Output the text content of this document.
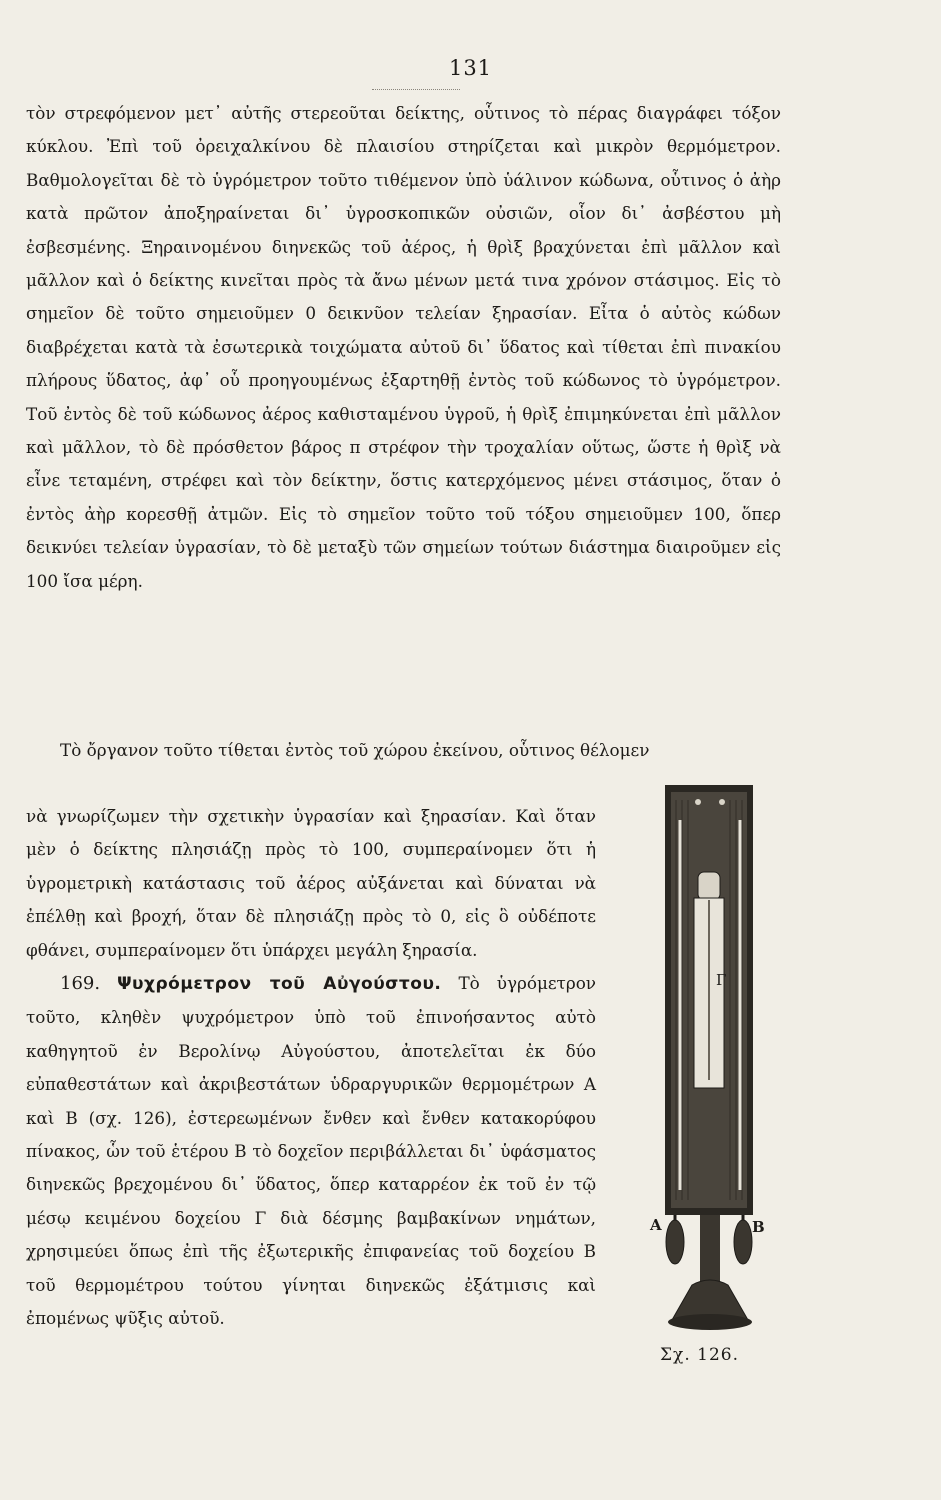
131

τὸν στρεφόμενον μετ᾽ αὐτῆς στερεοῦται δείκτης, οὗτινος τὸ πέρας διαγράφει τόξον κύκλου. Ἐπὶ τοῦ ὀρειχαλκίνου δὲ πλαισίου στηρίζεται καὶ μικρὸν θερμόμετρον. Βαθμολογεῖται δὲ τὸ ὑγρόμετρον τοῦτο τιθέμενον ὑπὸ ὑάλινον κώδωνα, οὗτινος ὁ ἀὴρ κατὰ πρῶτον ἀποξηραίνεται δι᾽ ὑγροσκοπικῶν οὐσιῶν, οἷον δι᾽ ἀσβέστου μὴ ἐσβεσμένης. Ξηραινομένου διηνεκῶς τοῦ ἀέρος, ἡ θρὶξ βραχύνεται ἐπὶ μᾶλλον καὶ μᾶλλον καὶ ὁ δείκτης κινεῖται πρὸς τὰ ἄνω μένων μετά τινα χρόνον στάσιμος. Εἰς τὸ σημεῖον δὲ τοῦτο σημειοῦμεν 0 δεικνῦον τελείαν ξηρασίαν. Εἶτα ὁ αὐτὸς κώδων διαβρέχεται κατὰ τὰ ἐσωτερικὰ τοιχώματα αὐτοῦ δι᾽ ὕδατος καὶ τίθεται ἐπὶ πινακίου πλήρους ὕδατος, ἀφ᾽ οὗ προηγουμένως ἐξαρτηθῇ ἐντὸς τοῦ κώδωνος τὸ ὑγρόμετρον. Τοῦ ἐντὸς δὲ τοῦ κώδωνος ἀέρος καθισταμένου ὑγροῦ, ἡ θρὶξ ἐπιμηκύνεται ἐπὶ μᾶλλον καὶ μᾶλλον, τὸ δὲ πρόσθετον βάρος π στρέφον τὴν τροχαλίαν οὕτως, ὥστε ἡ θρὶξ νὰ εἶνε τεταμένη, στρέφει καὶ τὸν δείκτην, ὅστις κατερχόμενος μένει στάσιμος, ὅταν ὁ ἐντὸς ἀὴρ κορεσθῇ ἀτμῶν. Εἰς τὸ σημεῖον τοῦτο τοῦ τόξου σημειοῦμεν 100, ὅπερ δεικνύει τελείαν ὑγρασίαν, τὸ δὲ μεταξὺ τῶν σημείων τούτων διάστημα διαιροῦμεν εἰς 100 ἴσα μέρη.

Τὸ ὄργανον τοῦτο τίθεται ἐντὸς τοῦ χώρου ἐκείνου, οὗτινος θέλομεν

νὰ γνωρίζωμεν τὴν σχετικὴν ὑγρασίαν καὶ ξηρασίαν. Καὶ ὅταν μὲν ὁ δείκτης πλησιάζῃ πρὸς τὸ 100, συμπεραίνομεν ὅτι ἡ ὑγρομετρικὴ κατάστασις τοῦ ἀέρος αὐξάνεται καὶ δύναται νὰ ἐπέλθῃ καὶ βροχή, ὅταν δὲ πλησιάζῃ πρὸς τὸ 0, εἰς ὃ οὐδέποτε φθάνει, συμπεραίνομεν ὅτι ὑπάρχει μεγάλη ξηρασία.

169. Ψυχρόμετρον τοῦ Αὐγούστου. Τὸ ὑγρόμετρον τοῦτο, κληθὲν ψυχρόμετρον ὑπὸ τοῦ ἐπινοήσαντος αὐτὸ καθηγητοῦ ἐν Βερολίνῳ Αὐγούστου, ἀποτελεῖται ἐκ δύο εὐπαθεστάτων καὶ ἀκριβεστάτων ὑδραργυρικῶν θερμομέτρων Α καὶ Β (σχ. 126), ἐστερεωμένων ἔνθεν καὶ ἔνθεν κατακορύφου πίνακος, ὧν τοῦ ἑτέρου Β τὸ δοχεῖον περιβάλλεται δι᾽ ὑφάσματος διηνεκῶς βρεχομένου δι᾽ ὕδατος, ὅπερ καταρρέον ἐκ τοῦ ἐν τῷ μέσῳ κειμένου δοχείου Γ διὰ δέσμης βαμβακίνων νημάτων, χρησιμεύει ὅπως ἐπὶ τῆς ἐξωτερικῆς ἐπιφανείας τοῦ δοχείου Β τοῦ θερμομέτρου τούτου γίνηται διηνεκῶς ἐξάτμισις καὶ ἐπομένως ψῦξις αὐτοῦ.

Γ
Α	Β
Σχ. 126.
